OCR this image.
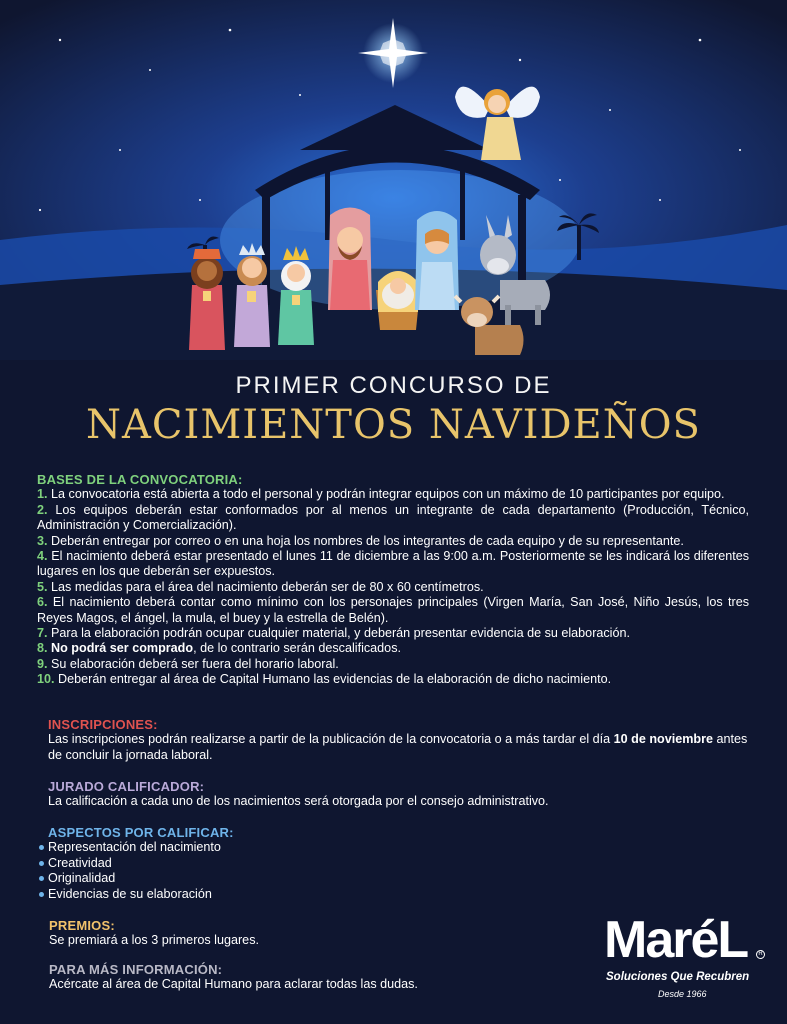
PRIMER CONCURSO DE
NACIMIENTOS NAVIDEÑOS
BASES DE LA CONVOCATORIA:

1. La convocatoria está abierta a todo el personal y podrán integrar equipos con un máximo de 10 participantes por equipo.

2. Los equipos deberán estar conformados por al menos un integrante de cada departamento (Producción, Técnico, Administración y Comercialización).

3. Deberán entregar por correo o en una hoja los nombres de los integrantes de cada equipo y de su representante.

4. El nacimiento deberá estar presentado el lunes 11 de diciembre a las 9:00 a.m. Posteriormente se les indicará los diferentes lugares en los que deberán ser expuestos.

5. Las medidas para el área del nacimiento deberán ser de 80 x 60 centímetros.

6. El nacimiento deberá contar como mínimo con los personajes principales (Virgen María, San José, Niño Jesús, los tres Reyes Magos, el ángel, la mula, el buey y la estrella de Belén).

7. Para la elaboración podrán ocupar cualquier material, y deberán presentar evidencia de su elaboración.

8. No podrá ser comprado, de lo contrario serán descalificados.

9. Su elaboración deberá ser fuera del horario laboral.

10. Deberán entregar al área de Capital Humano las evidencias de la elaboración de dicho nacimiento.

INSCRIPCIONES:
Las inscripciones podrán realizarse a partir de la publicación de la convocatoria o a más tardar el día 10 de noviembre antes de concluir la jornada laboral.
JURADO CALIFICADOR:
La calificación a cada uno de los nacimientos será otorgada por el consejo administrativo.
ASPECTOS POR CALIFICAR:
Representación del nacimiento
Creatividad
Originalidad
Evidencias de su elaboración
PREMIOS:
Se premiará a los 3 primeros lugares.
PARA MÁS INFORMACIÓN:
Acércate al área de Capital Humano para aclarar todas las dudas.
MaréL	R
Soluciones Que Recubren
Desde 1966
